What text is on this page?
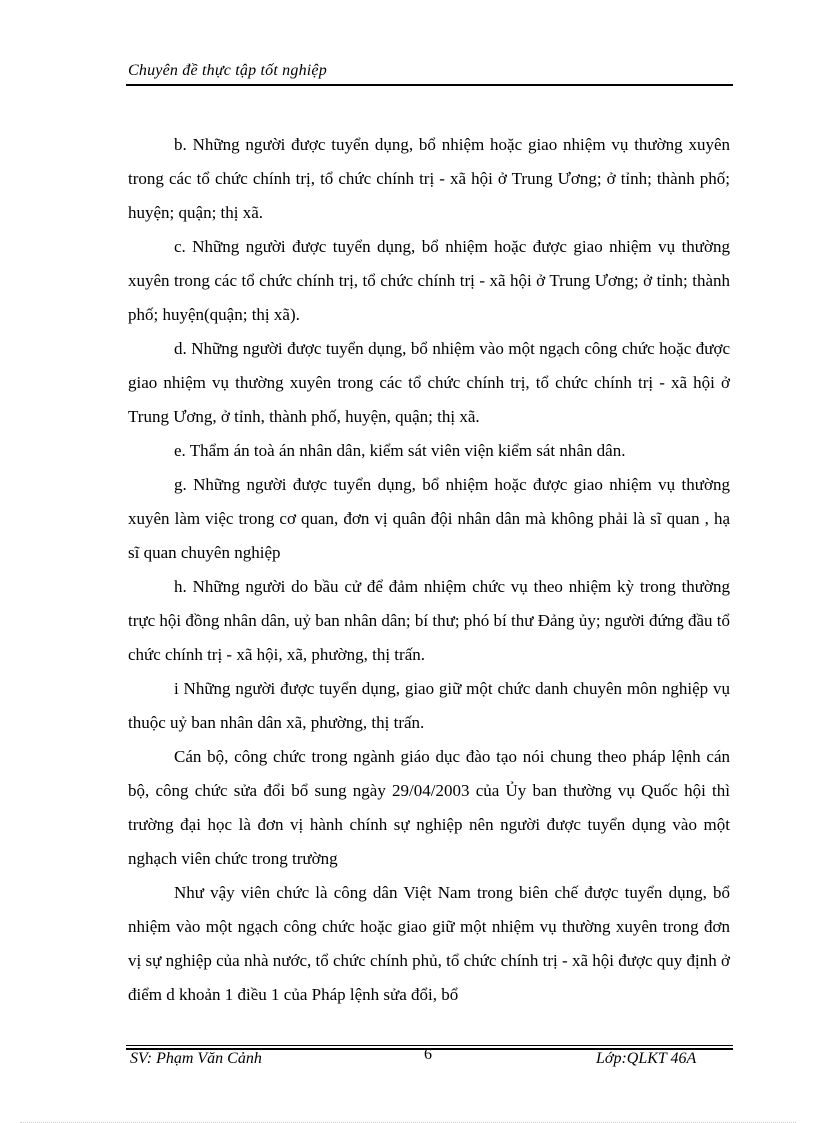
Chuyên đề thực tập tốt nghiệp

b. Những người được tuyển dụng, bổ nhiệm hoặc giao nhiệm vụ thường xuyên trong các tổ chức chính trị, tổ chức chính trị - xã hội ở Trung Ương; ở tỉnh; thành phố; huyện; quận; thị xã.

c. Những người được tuyển dụng, bổ nhiệm hoặc được giao nhiệm vụ thường xuyên trong các tổ chức chính trị, tổ chức chính trị - xã hội ở Trung Ương; ở tỉnh; thành phố; huyện(quận; thị xã).

d. Những người được tuyển dụng, bổ nhiệm vào một ngạch công chức hoặc được giao nhiệm vụ thường xuyên trong các tổ chức chính trị, tổ chức chính trị - xã hội ở Trung Ương, ở tỉnh, thành phố, huyện, quận; thị xã.

e. Thẩm án toà án nhân dân, kiểm sát viên viện kiểm sát nhân dân.

g. Những người được tuyển dụng, bổ nhiệm hoặc được giao nhiệm vụ thường xuyên làm việc trong cơ quan, đơn vị quân đội nhân dân mà không phải là sĩ quan , hạ sĩ quan chuyên nghiệp

h. Những người do bầu cử để đảm nhiệm chức vụ theo nhiệm kỳ trong thường trực hội đồng nhân dân, uỷ ban nhân dân; bí thư; phó bí thư Đảng ủy; người đứng đầu tổ chức chính trị - xã hội, xã, phường, thị trấn.

i Những người được tuyển dụng, giao giữ một chức danh chuyên môn nghiệp vụ thuộc uỷ ban nhân dân xã, phường, thị trấn.

Cán bộ, công chức trong ngành giáo dục đào tạo nói chung theo pháp lệnh cán bộ, công chức sửa đổi bổ sung ngày 29/04/2003 của Ủy ban thường vụ Quốc hội thì trường đại học là đơn vị hành chính sự nghiệp nên người được tuyển dụng vào một nghạch viên chức trong trường

Như vậy viên chức là công dân Việt Nam trong biên chế được tuyển dụng, bổ nhiệm vào một ngạch công chức hoặc giao giữ một nhiệm vụ thường xuyên trong đơn vị sự nghiệp của nhà nước, tổ chức chính phủ, tổ chức chính trị - xã hội được quy định ở điểm d khoản 1 điều 1 của Pháp lệnh sửa đổi, bổ

SV: Phạm Văn Cảnh	6	Lớp:QLKT 46A
